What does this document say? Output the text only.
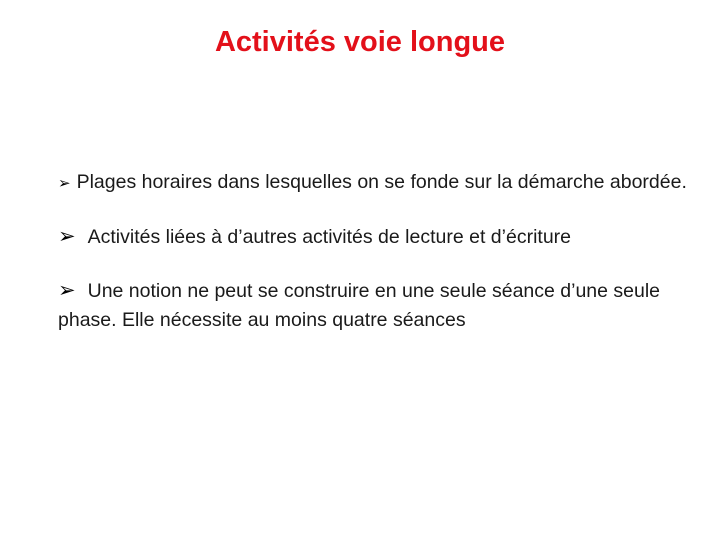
Activités voie longue
➢ Plages horaires dans lesquelles on se fonde sur la démarche abordée.
➢ Activités liées à d’autres activités de lecture et d’écriture
➢ Une notion ne peut se construire en une seule séance d’une seule phase. Elle nécessite au moins quatre séances
